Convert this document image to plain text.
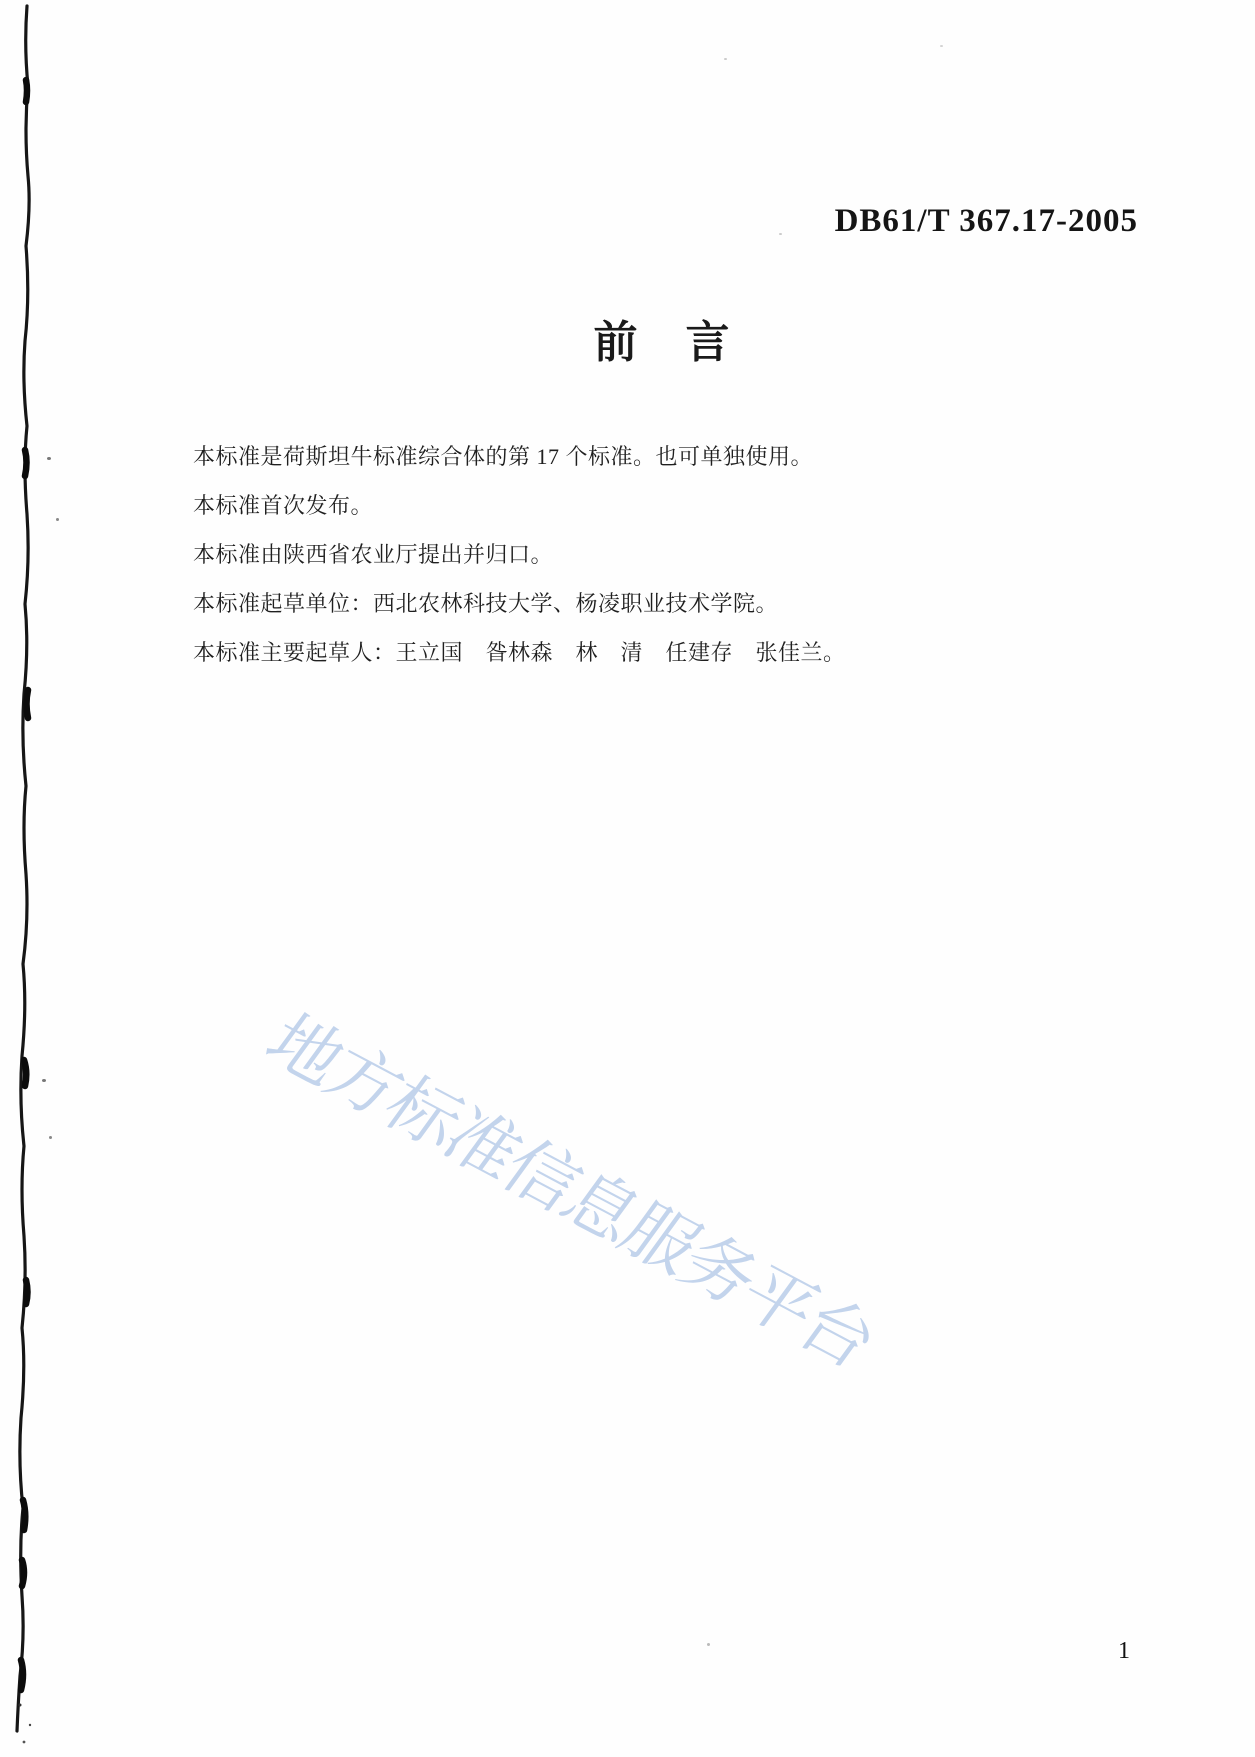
DB61/T 367.17-2005
前　言

本标准是荷斯坦牛标准综合体的第 17 个标准。也可单独使用。

本标准首次发布。

本标准由陕西省农业厅提出并归口。

本标准起草单位：西北农林科技大学、杨凌职业技术学院。

本标准主要起草人：王立国　昝林森　林　清　任建存　张佳兰。

地方标准信息服务平台
1
